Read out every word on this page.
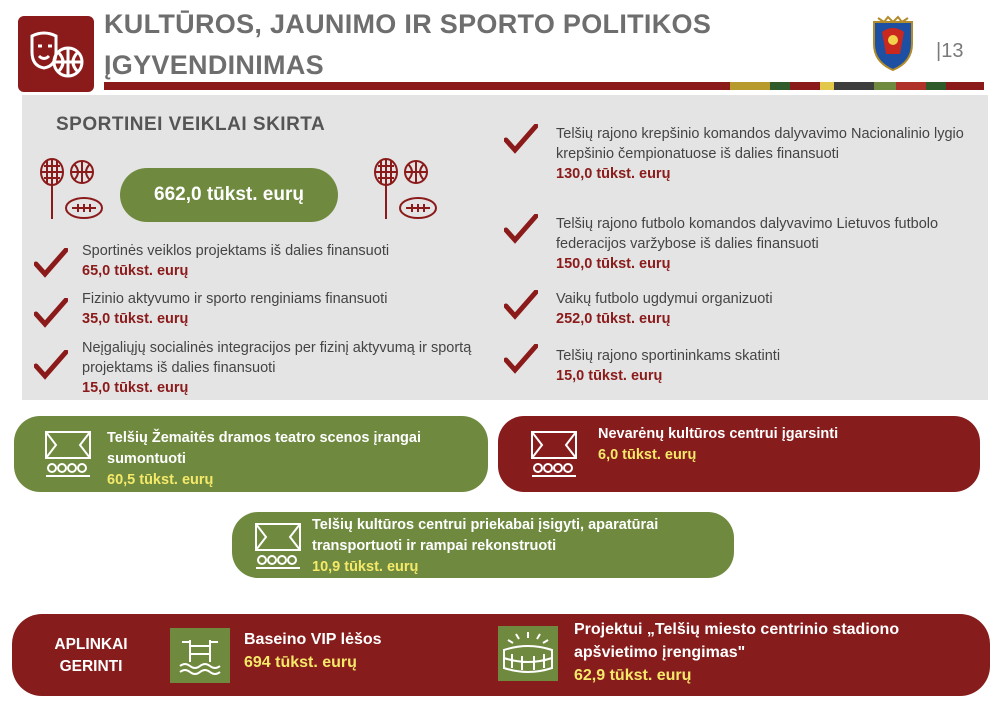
KULTŪROS, JAUNIMO IR SPORTO POLITIKOS ĮGYVENDINIMAS	|13
SPORTINEI VEIKLAI SKIRTA
662,0 tūkst. eurų
Sportinės veiklos projektams iš dalies finansuoti
65,0 tūkst. eurų
Fizinio aktyvumo ir sporto renginiams finansuoti
35,0 tūkst. eurų
Neįgaliųjų socialinės integracijos per fizinį aktyvumą ir sportą projektams iš dalies finansuoti
15,0 tūkst. eurų
Telšių rajono krepšinio komandos dalyvavimo Nacionalinio lygio krepšinio čempionatuose iš dalies finansuoti
130,0 tūkst. eurų
Telšių rajono futbolo komandos dalyvavimo Lietuvos futbolo federacijos varžybose iš dalies finansuoti
150,0 tūkst. eurų
Vaikų futbolo ugdymui organizuoti
252,0 tūkst. eurų
Telšių rajono sportininkams skatinti
15,0 tūkst. eurų
Telšių Žemaitės dramos teatro scenos įrangai sumontuoti
60,5 tūkst. eurų
Nevarėnų kultūros centrui įgarsinti
6,0 tūkst. eurų
Telšių kultūros centrui priekabai įsigyti, aparatūrai transportuoti ir rampai rekonstruoti
10,9 tūkst. eurų
APLINKAI GERINTI
Baseino VIP lėšos
694 tūkst. eurų
Projektui „Telšių miesto centrinio stadiono apšvietimo įrengimas"
62,9 tūkst. eurų
